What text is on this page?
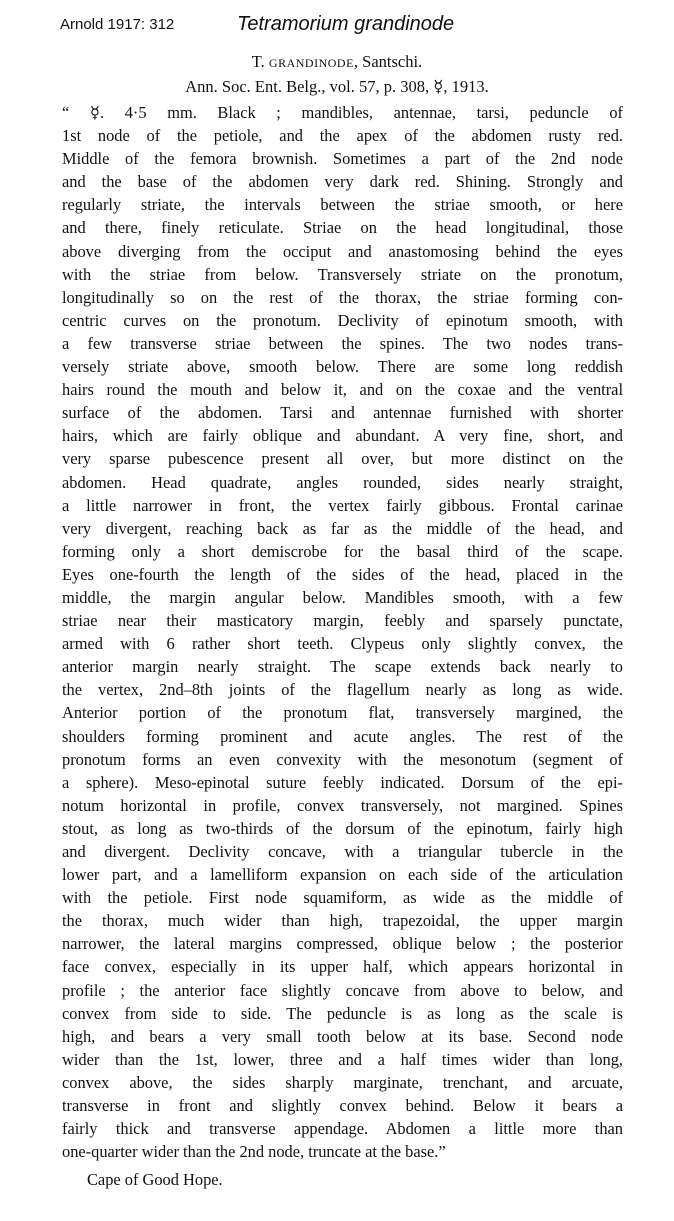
Arnold 1917: 312	Tetramorium grandinode
T. grandinode, Santschi.
Ann. Soc. Ent. Belg., vol. 57, p. 308, ☿, 1913.
“ ☿. 4·5 mm. Black ; mandibles, antennae, tarsi, peduncle of
1st node of the petiole, and the apex of the abdomen rusty red.
Middle of the femora brownish. Sometimes a part of the 2nd node
and the base of the abdomen very dark red. Shining. Strongly and
regularly striate, the intervals between the striae smooth, or here
and there, finely reticulate. Striae on the head longitudinal, those
above diverging from the occiput and anastomosing behind the eyes
with the striae from below. Transversely striate on the pronotum,
longitudinally so on the rest of the thorax, the striae forming con-
centric curves on the pronotum. Declivity of epinotum smooth, with
a few transverse striae between the spines. The two nodes trans-
versely striate above, smooth below. There are some long reddish
hairs round the mouth and below it, and on the coxae and the ventral
surface of the abdomen. Tarsi and antennae furnished with shorter
hairs, which are fairly oblique and abundant. A very fine, short, and
very sparse pubescence present all over, but more distinct on the
abdomen. Head quadrate, angles rounded, sides nearly straight,
a little narrower in front, the vertex fairly gibbous. Frontal carinae
very divergent, reaching back as far as the middle of the head, and
forming only a short demiscrobe for the basal third of the scape.
Eyes one-fourth the length of the sides of the head, placed in the
middle, the margin angular below. Mandibles smooth, with a few
striae near their masticatory margin, feebly and sparsely punctate,
armed with 6 rather short teeth. Clypeus only slightly convex, the
anterior margin nearly straight. The scape extends back nearly to
the vertex, 2nd–8th joints of the flagellum nearly as long as wide.
Anterior portion of the pronotum flat, transversely margined, the
shoulders forming prominent and acute angles. The rest of the
pronotum forms an even convexity with the mesonotum (segment of
a sphere). Meso-epinotal suture feebly indicated. Dorsum of the epi-
notum horizontal in profile, convex transversely, not margined. Spines
stout, as long as two-thirds of the dorsum of the epinotum, fairly high
and divergent. Declivity concave, with a triangular tubercle in the
lower part, and a lamelliform expansion on each side of the articulation
with the petiole. First node squamiform, as wide as the middle of
the thorax, much wider than high, trapezoidal, the upper margin
narrower, the lateral margins compressed, oblique below ; the posterior
face convex, especially in its upper half, which appears horizontal in
profile ; the anterior face slightly concave from above to below, and
convex from side to side. The peduncle is as long as the scale is
high, and bears a very small tooth below at its base. Second node
wider than the 1st, lower, three and a half times wider than long,
convex above, the sides sharply marginate, trenchant, and arcuate,
transverse in front and slightly convex behind. Below it bears a
fairly thick and transverse appendage. Abdomen a little more than
one-quarter wider than the 2nd node, truncate at the base.”
Cape of Good Hope.
